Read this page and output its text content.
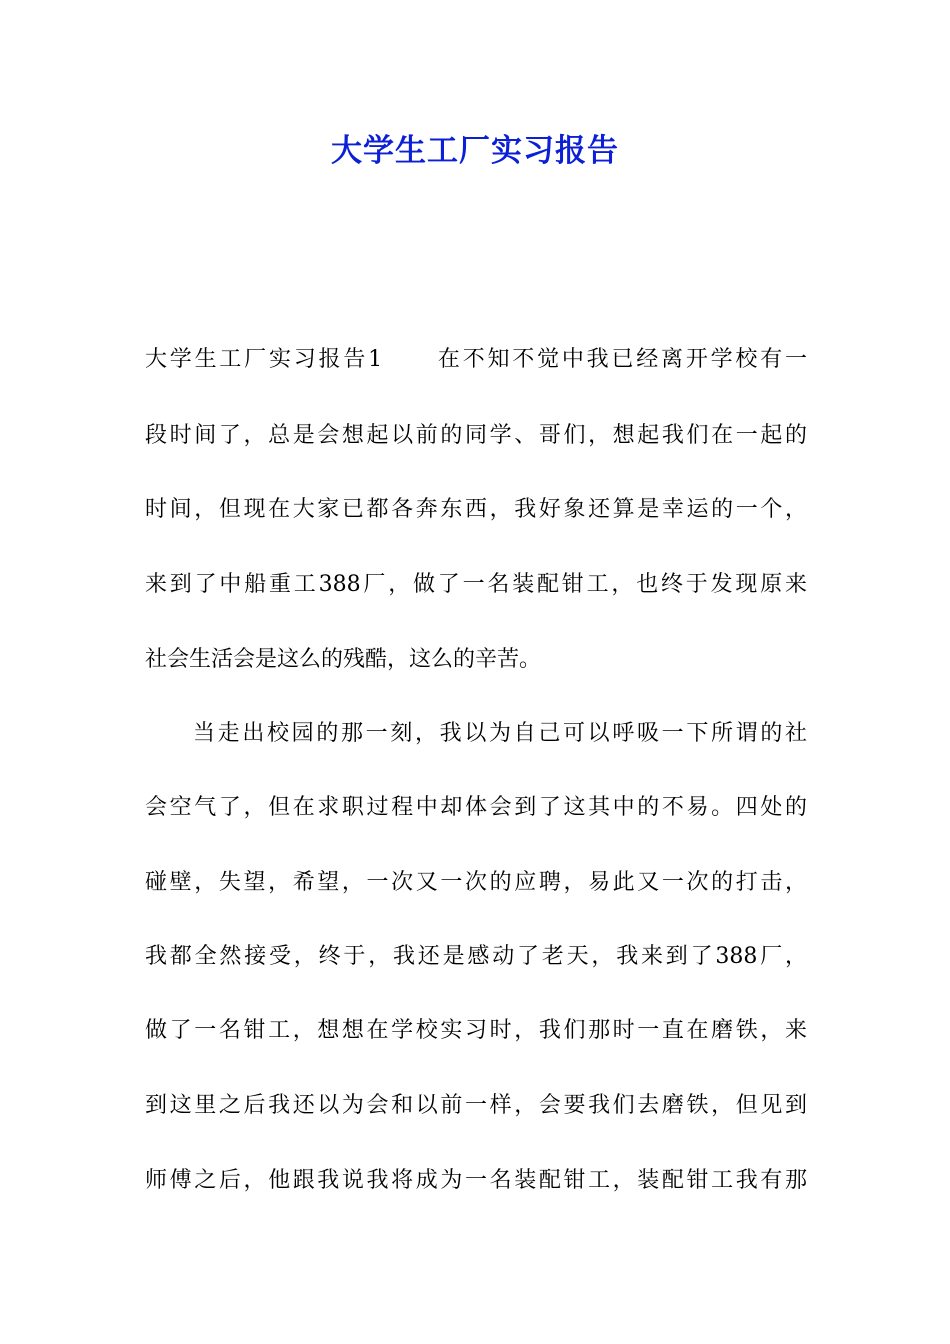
大学生工厂实习报告
大学生工厂实习报告1 在不知不觉中我已经离开学校有一
段时间了，总是会想起以前的同学、哥们，想起我们在一起的
时间，但现在大家已都各奔东西，我好象还算是幸运的一个，
来到了中船重工388厂，做了一名装配钳工，也终于发现原来
社会生活会是这么的残酷，这么的辛苦。
当走出校园的那一刻，我以为自己可以呼吸一下所谓的社
会空气了，但在求职过程中却体会到了这其中的不易。四处的
碰壁，失望，希望，一次又一次的应聘，易此又一次的打击，
我都全然接受，终于，我还是感动了老天，我来到了388厂，
做了一名钳工，想想在学校实习时，我们那时一直在磨铁，来
到这里之后我还以为会和以前一样，会要我们去磨铁，但见到
师傅之后，他跟我说我将成为一名装配钳工，装配钳工我有那
